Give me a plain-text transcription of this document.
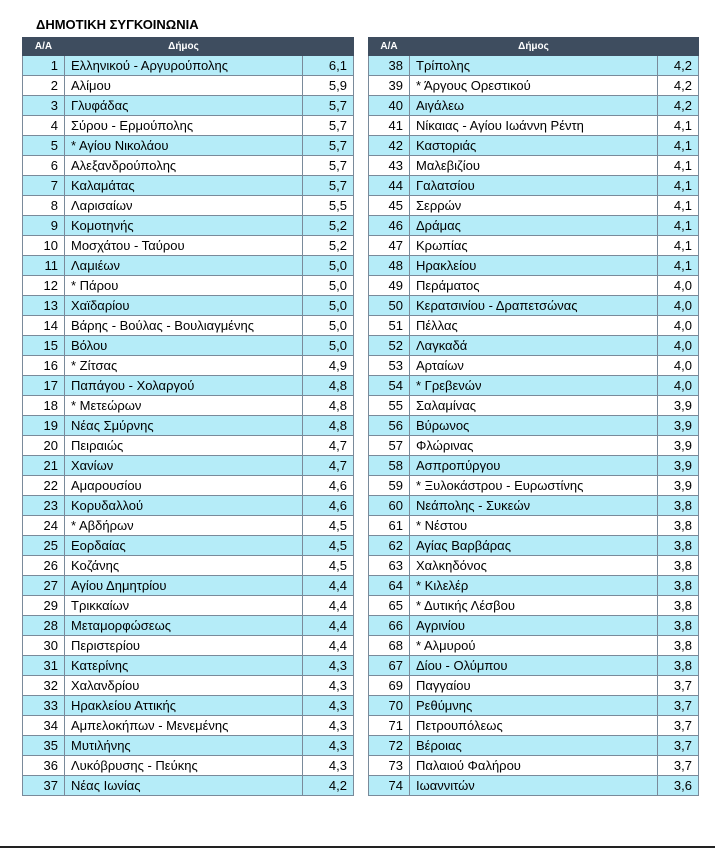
ΔΗΜΟΤΙΚΗ ΣΥΓΚΟΙΝΩΝΙΑ
Α/Α	Δήμος	
1	Ελληνικού - Αργυρούπολης	6,1
2	Αλίμου	5,9
3	Γλυφάδας	5,7
4	Σύρου - Ερμούπολης	5,7
5	* Αγίου Νικολάου	5,7
6	Αλεξανδρούπολης	5,7
7	Καλαμάτας	5,7
8	Λαρισαίων	5,5
9	Κομοτηνής	5,2
10	Μοσχάτου - Ταύρου	5,2
11	Λαμιέων	5,0
12	* Πάρου	5,0
13	Χαϊδαρίου	5,0
14	Βάρης - Βούλας - Βουλιαγμένης	5,0
15	Βόλου	5,0
16	* Ζίτσας	4,9
17	Παπάγου - Χολαργού	4,8
18	* Μετεώρων	4,8
19	Νέας Σμύρνης	4,8
20	Πειραιώς	4,7
21	Χανίων	4,7
22	Αμαρουσίου	4,6
23	Κορυδαλλού	4,6
24	* Αβδήρων	4,5
25	Εορδαίας	4,5
26	Κοζάνης	4,5
27	Αγίου Δημητρίου	4,4
29	Τρικκαίων	4,4
28	Μεταμορφώσεως	4,4
30	Περιστερίου	4,4
31	Κατερίνης	4,3
32	Χαλανδρίου	4,3
33	Ηρακλείου Αττικής	4,3
34	Αμπελοκήπων - Μενεμένης	4,3
35	Μυτιλήνης	4,3
36	Λυκόβρυσης - Πεύκης	4,3
37	Νέας Ιωνίας	4,2
Α/Α	Δήμος	
38	Τρίπολης	4,2
39	* Άργους Ορεστικού	4,2
40	Αιγάλεω	4,2
41	Νίκαιας - Αγίου Ιωάννη Ρέντη	4,1
42	Καστοριάς	4,1
43	Μαλεβιζίου	4,1
44	Γαλατσίου	4,1
45	Σερρών	4,1
46	Δράμας	4,1
47	Κρωπίας	4,1
48	Ηρακλείου	4,1
49	Περάματος	4,0
50	Κερατσινίου - Δραπετσώνας	4,0
51	Πέλλας	4,0
52	Λαγκαδά	4,0
53	Αρταίων	4,0
54	* Γρεβενών	4,0
55	Σαλαμίνας	3,9
56	Βύρωνος	3,9
57	Φλώρινας	3,9
58	Ασπροπύργου	3,9
59	* Ξυλοκάστρου - Ευρωστίνης	3,9
60	Νεάπολης - Συκεών	3,8
61	* Νέστου	3,8
62	Αγίας Βαρβάρας	3,8
63	Χαλκηδόνος	3,8
64	* Κιλελέρ	3,8
65	* Δυτικής Λέσβου	3,8
66	Αγρινίου	3,8
68	* Αλμυρού	3,8
67	Δίου - Ολύμπου	3,8
69	Παγγαίου	3,7
70	Ρεθύμνης	3,7
71	Πετρουπόλεως	3,7
72	Βέροιας	3,7
73	Παλαιού Φαλήρου	3,7
74	Ιωαννιτών	3,6
